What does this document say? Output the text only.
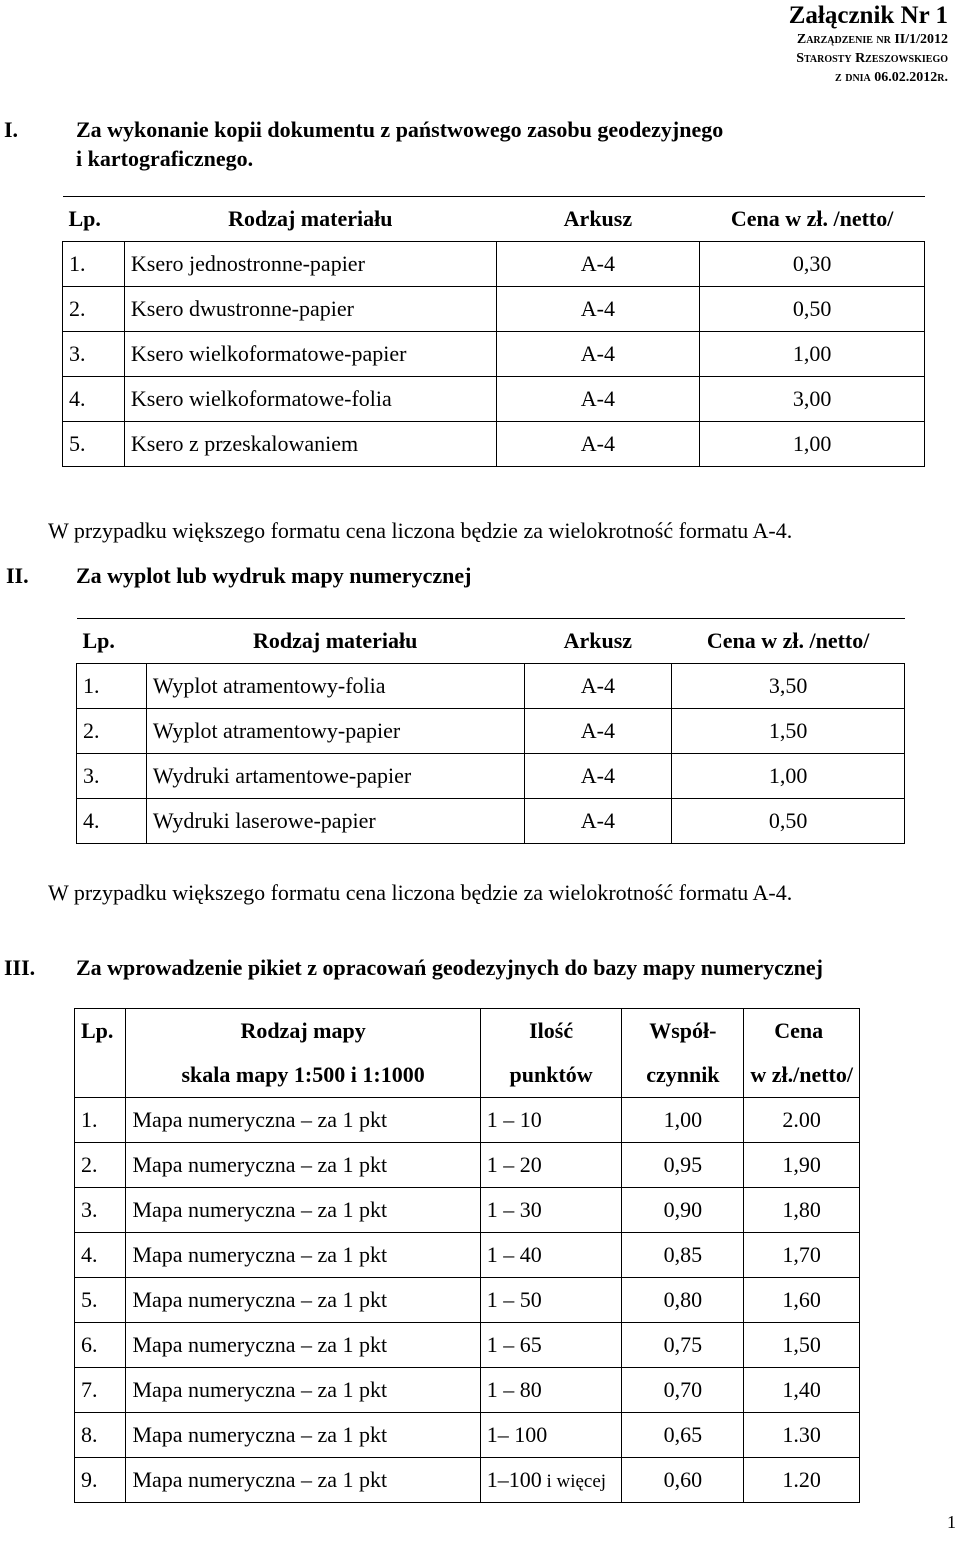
Załącznik Nr 1
Zarządzenie nr II/1/2012
Starosty Rzeszowskiego
z dnia 06.02.2012r.
I.	Za wykonanie kopii dokumentu z państwowego zasobu geodezyjnego
i kartograficznego.
Lp.	Rodzaj materiału	Arkusz	Cena w zł. /netto/
1.	Ksero jednostronne-papier	A-4	0,30
2.	Ksero dwustronne-papier	A-4	0,50
3.	Ksero wielkoformatowe-papier	A-4	1,00
4.	Ksero wielkoformatowe-folia	A-4	3,00
5.	Ksero z przeskalowaniem	A-4	1,00
W przypadku większego formatu cena liczona będzie za wielokrotność formatu A-4.
II. Za wyplot lub wydruk mapy numerycznej
Lp.	Rodzaj materiału	Arkusz	Cena w zł. /netto/
1.	Wyplot atramentowy-folia	A-4	3,50
2.	Wyplot atramentowy-papier	A-4	1,50
3.	Wydruki artamentowe-papier	A-4	1,00
4.	Wydruki laserowe-papier	A-4	0,50
W przypadku większego formatu cena liczona będzie za wielokrotność formatu A-4.
III. Za wprowadzenie pikiet z opracowań geodezyjnych do bazy mapy numerycznej
Lp.	Rodzaj mapy	Ilość	Współ-	Cena
	skala mapy 1:500 i 1:1000	punktów	czynnik	w zł./netto/
1.	Mapa numeryczna – za 1 pkt	1 – 10	1,00	2.00
2.	Mapa numeryczna – za 1 pkt	1 – 20	0,95	1,90
3.	Mapa numeryczna – za 1 pkt	1 – 30	0,90	1,80
4.	Mapa numeryczna – za 1 pkt	1 – 40	0,85	1,70
5.	Mapa numeryczna – za 1 pkt	1 – 50	0,80	1,60
6.	Mapa numeryczna – za 1 pkt	1 – 65	0,75	1,50
7.	Mapa numeryczna – za 1 pkt	1 – 80	0,70	1,40
8.	Mapa numeryczna – za 1 pkt	1– 100	0,65	1.30
9.	Mapa numeryczna – za 1 pkt	1–100 i więcej	0,60	1.20
1
